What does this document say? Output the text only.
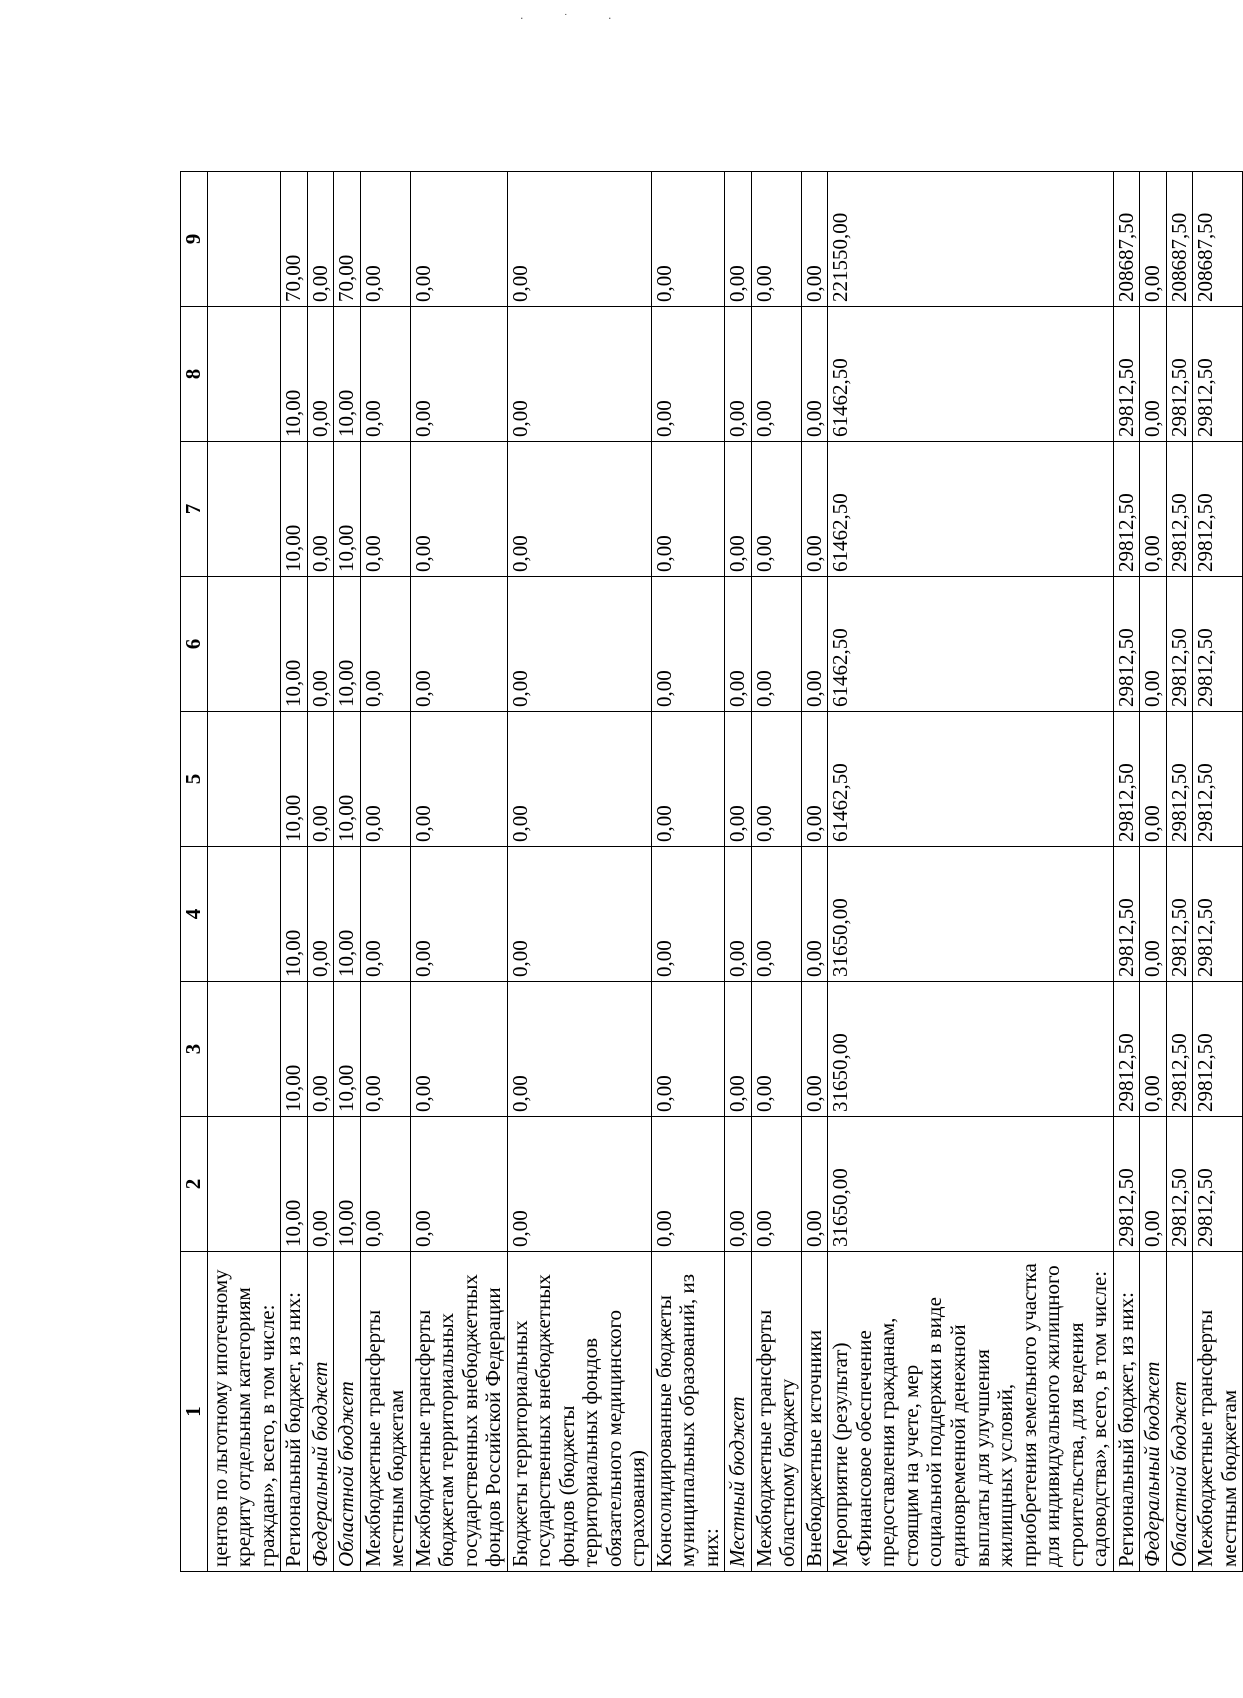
· ˙ ·
1	2	3	4	5	6	7	8	9
центов по льготному ипотечному кредиту отдельным категориям граждан», всего, в том числе:								
Региональный бюджет, из них:	10,00	10,00	10,00	10,00	10,00	10,00	10,00	70,00
Федеральный бюджет	0,00	0,00	0,00	0,00	0,00	0,00	0,00	0,00
Областной бюджет	10,00	10,00	10,00	10,00	10,00	10,00	10,00	70,00
Межбюджетные трансферты местным бюджетам	0,00	0,00	0,00	0,00	0,00	0,00	0,00	0,00
Межбюджетные трансферты бюджетам территориальных государственных внебюджетных фондов Российской Федерации	0,00	0,00	0,00	0,00	0,00	0,00	0,00	0,00
Бюджеты территориальных государственных внебюджетных фондов (бюджеты территориальных фондов обязательного медицинского страхования)	0,00	0,00	0,00	0,00	0,00	0,00	0,00	0,00
Консолидированные бюджеты муниципальных образований, из них:	0,00	0,00	0,00	0,00	0,00	0,00	0,00	0,00
Местный бюджет	0,00	0,00	0,00	0,00	0,00	0,00	0,00	0,00
Межбюджетные трансферты областному бюджету	0,00	0,00	0,00	0,00	0,00	0,00	0,00	0,00
Внебюджетные источники	0,00	0,00	0,00	0,00	0,00	0,00	0,00	0,00
Мероприятие (результат) «Финансовое обеспечение предоставления гражданам, стоящим на учете, мер социальной поддержки в виде единовременной денежной выплаты для улучшения жилищных условий, приобретения земельного участка для индивидуального жилищного строительства, для ведения садоводства», всего, в том числе:	31650,00	31650,00	31650,00	61462,50	61462,50	61462,50	61462,50	221550,00
Региональный бюджет, из них:	29812,50	29812,50	29812,50	29812,50	29812,50	29812,50	29812,50	208687,50
Федеральный бюджет	0,00	0,00	0,00	0,00	0,00	0,00	0,00	0,00
Областной бюджет	29812,50	29812,50	29812,50	29812,50	29812,50	29812,50	29812,50	208687,50
Межбюджетные трансферты местным бюджетам	29812,50	29812,50	29812,50	29812,50	29812,50	29812,50	29812,50	208687,50
